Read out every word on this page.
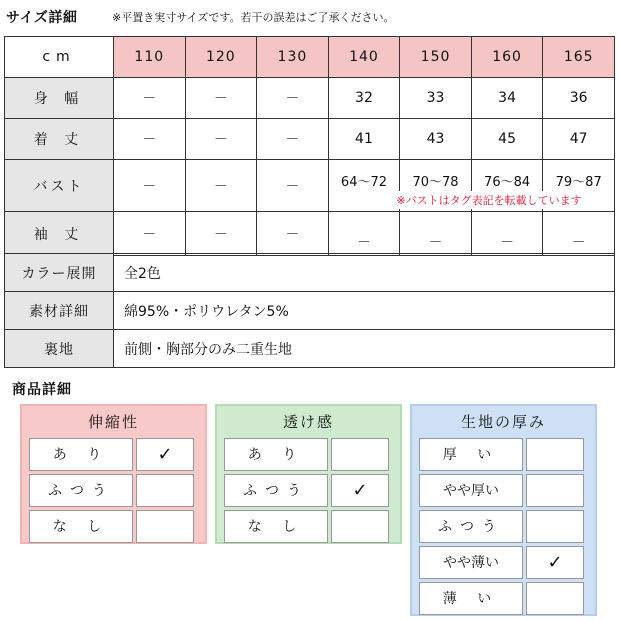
サイズ詳細	※平置き実寸サイズです。若干の誤差はご了承ください。
cm	110	120	130	140	150	160	165
身 幅	－	－	－	32	33	34	36
着 丈	－	－	－	41	43	45	47
バスト	－	－	－	64〜72	70〜78	76〜84	79〜87
袖 丈	－	－	－	－	－	－	－
※バストはタグ表記を転載しています
カラー展開	全2色
素材詳細	綿95%・ポリウレタン5%
裏地	前側・胸部分のみ二重生地
商品詳細
伸縮性
あ り	✓
ふつう
な し
透け感
あ り
ふつう	✓
な し
生地の厚み
厚 い
やや厚い
ふつう
やや薄い	✓
薄 い
